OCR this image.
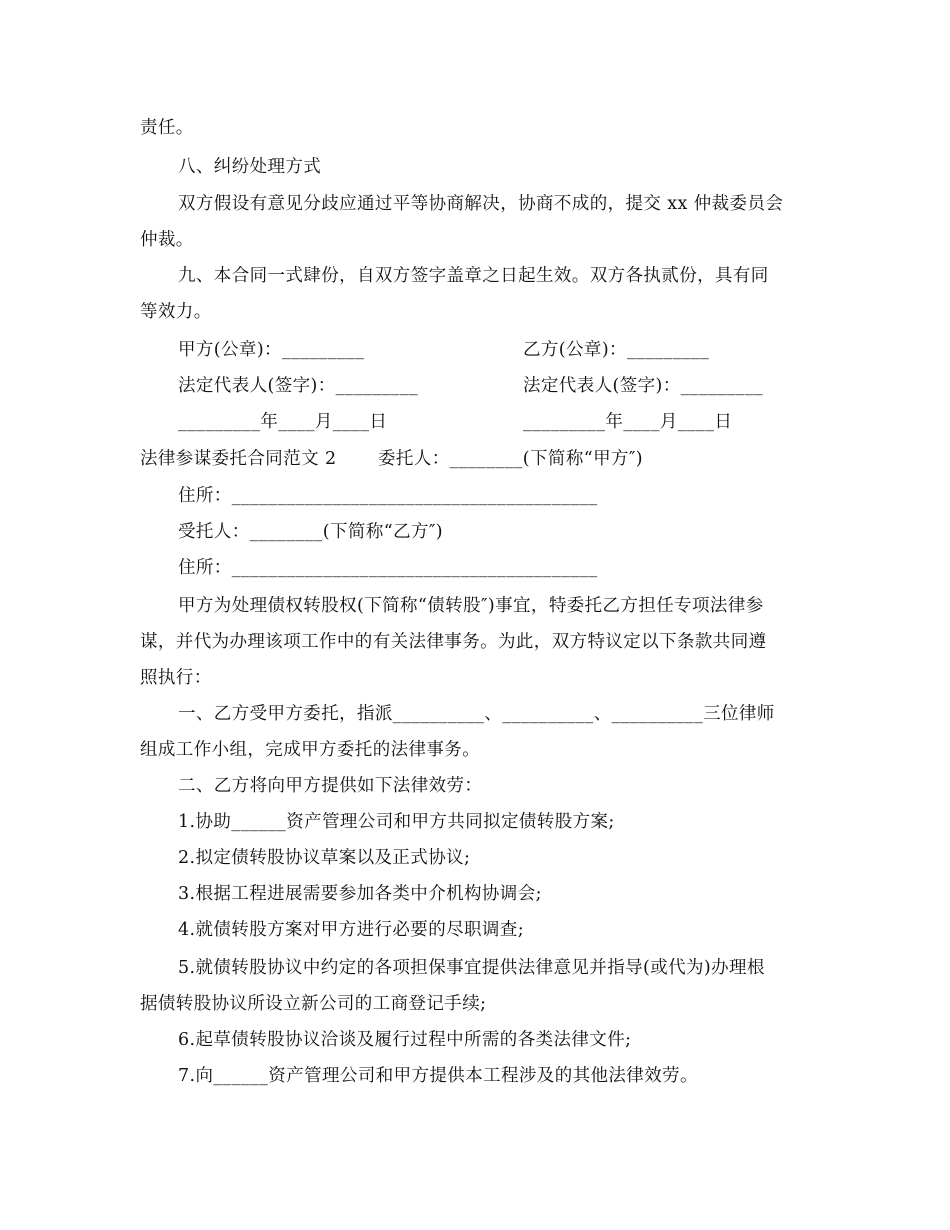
责任。
八、纠纷处理方式
双方假设有意见分歧应通过平等协商解决，协商不成的，提交 xx 仲裁委员会
仲裁。
九、本合同一式肆份，自双方签字盖章之日起生效。双方各执贰份，具有同
等效力。
甲方(公章)：_________	乙方(公章)：_________
法定代表人(签字)：_________	法定代表人(签字)：_________
_________年____月____日	_________年____月____日
法律参谋委托合同范文 2 委托人：________(下简称“甲方″)
住所：________________________________________
受托人：________(下简称“乙方″)
住所：________________________________________
甲方为处理债权转股权(下简称“债转股″)事宜，特委托乙方担任专项法律参
谋，并代为办理该项工作中的有关法律事务。为此，双方特议定以下条款共同遵
照执行：
一、乙方受甲方委托，指派__________、__________、__________三位律师
组成工作小组，完成甲方委托的法律事务。
二、乙方将向甲方提供如下法律效劳：
1.协助______资产管理公司和甲方共同拟定债转股方案;
2.拟定债转股协议草案以及正式协议;
3.根据工程进展需要参加各类中介机构协调会;
4.就债转股方案对甲方进行必要的尽职调查;
5.就债转股协议中约定的各项担保事宜提供法律意见并指导(或代为)办理根
据债转股协议所设立新公司的工商登记手续;
6.起草债转股协议洽谈及履行过程中所需的各类法律文件;
7.向______资产管理公司和甲方提供本工程涉及的其他法律效劳。
